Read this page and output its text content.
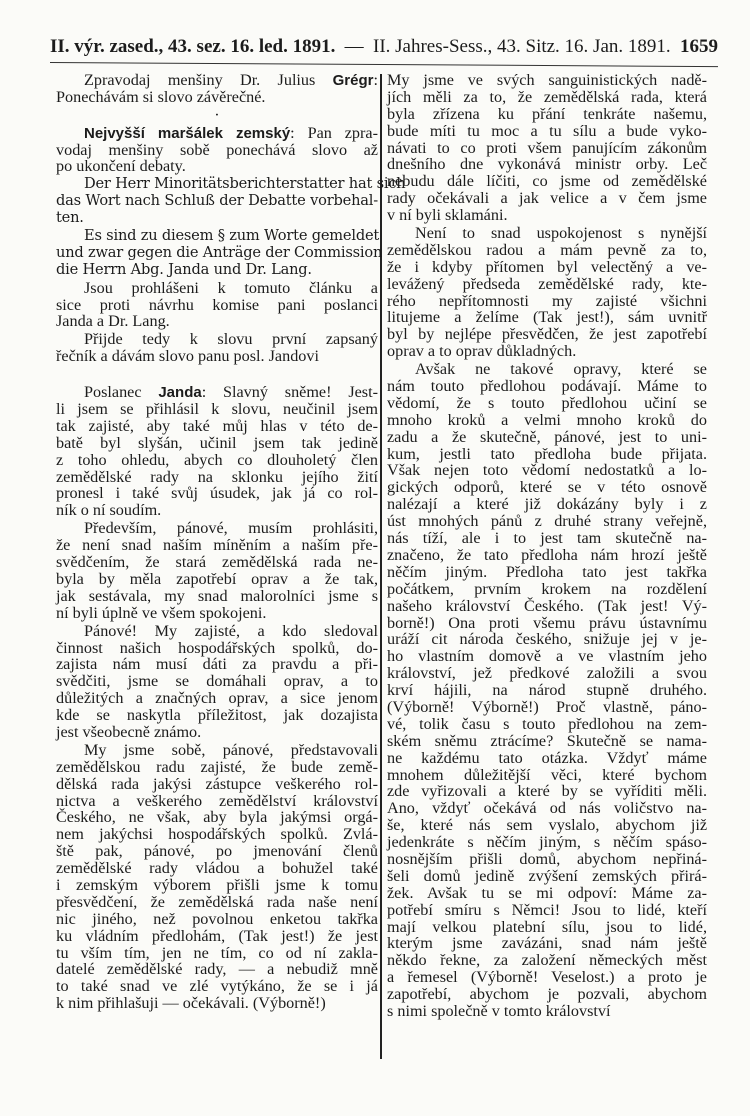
II. výr. zased., 43. sez. 16. led. 1891. — II. Jahres-Sess., 43. Sitz. 16. Jan. 1891. 1659
Zpravodaj menšiny Dr. Julius Grégr:
Ponechávám si slovo závěrečné.
·
Nejvyšší maršálek zemský: Pan zpra-
vodaj menšiny sobě ponechává slovo až
po ukončení debaty.
Der Herr Minoritätsberichterstatter hat sich
das Wort nach Schluß der Debatte vorbehal-
ten.
Es sind zu diesem § zum Worte gemeldet
und zwar gegen die Anträge der Commission
die Herrn Abg. Janda und Dr. Lang.
Jsou prohlášeni k tomuto článku a
sice proti návrhu komise pani poslanci
Janda a Dr. Lang.
Přijde tedy k slovu první zapsaný
řečník a dávám slovo panu posl. Jandovi
Poslanec Janda: Slavný sněme! Jest-
li jsem se přihlásil k slovu, neučinil jsem
tak zajisté, aby také můj hlas v této de-
batě byl slyšán, učinil jsem tak jedině
z toho ohledu, abych co dlouholetý člen
zemědělské rady na sklonku jejího žití
pronesl i také svůj úsudek, jak já co rol-
ník o ní soudím.
Především, pánové, musím prohlásiti,
že není snad naším míněním a naším pře-
svědčením, že stará zemědělská rada ne-
byla by měla zapotřebí oprav a že tak,
jak sestávala, my snad malorolníci jsme s
ní byli úplně ve všem spokojeni.
Pánové! My zajisté, a kdo sledoval
činnost našich hospodářských spolků, do-
zajista nám musí dáti za pravdu a při-
svědčiti, jsme se domáhali oprav, a to
důležitých a značných oprav, a sice jenom
kde se naskytla příležitost, jak dozajista
jest všeobecně známo.
My jsme sobě, pánové, představovali
zemědělskou radu zajisté, že bude země-
dělská rada jakýsi zástupce veškerého rol-
nictva a veškerého zemědělství království
Českého, ne však, aby byla jakýmsi orgá-
nem jakýchsi hospodářských spolků. Zvlá-
ště pak, pánové, po jmenování členů
zemědělské rady vládou a bohužel také
i zemským výborem přišli jsme k tomu
přesvědčení, že zemědělská rada naše není
nic jiného, než povolnou enketou takřka
ku vládním předlohám, (Tak jest!) že jest
tu vším tím, jen ne tím, co od ní zakla-
datelé zemědělské rady, — a nebudiž mně
to také snad ve zlé vytýkáno, že se i já
k nim přihlašuji — očekávali. (Výborně!)
My jsme ve svých sanguinistických nadě-
jích měli za to, že zemědělská rada, která
byla zřízena ku přání tenkráte našemu,
bude míti tu moc a tu sílu a bude vyko-
návati to co proti všem panujícím zákonům
dnešního dne vykonává ministr orby. Leč
nebudu dále líčiti, co jsme od zemědělské
rady očekávali a jak velice a v čem jsme
v ní byli sklamáni.
Není to snad uspokojenost s nynější
zemědělskou radou a mám pevně za to,
že i kdyby přítomen byl velectěný a ve-
levážený předseda zemědělské rady, kte-
rého nepřítomnosti my zajisté všichni
litujeme a želíme (Tak jest!), sám uvnitř
byl by nejlépe přesvědčen, že jest zapotřebí
oprav a to oprav důkladných.
Avšak ne takové opravy, které se
nám touto předlohou podávají. Máme to
vědomí, že s touto předlohou učiní se
mnoho kroků a velmi mnoho kroků do
zadu a že skutečně, pánové, jest to uni-
kum, jestli tato předloha bude přijata.
Však nejen toto vědomí nedostatků a lo-
gických odporů, které se v této osnově
nalézají a které již dokázány byly i z
úst mnohých pánů z druhé strany veřejně,
nás tíží, ale i to jest tam skutečně na-
značeno, že tato předloha nám hrozí ještě
něčím jiným. Předloha tato jest takřka
počátkem, prvním krokem na rozdělení
našeho království Českého. (Tak jest! Vý-
borně!) Ona proti všemu právu ústavnímu
uráží cit národa českého, snižuje jej v je-
ho vlastním domově a ve vlastním jeho
království, jež předkové založili a svou
krví hájili, na národ stupně druhého.
(Výborně! Výborně!) Proč vlastně, páno-
vé, tolik času s touto předlohou na zem-
ském sněmu ztrácíme? Skutečně se nama-
ne každému tato otázka. Vždyť máme
mnohem důležitější věci, které bychom
zde vyřizovali a které by se vyříditi měli.
Ano, vždyť očekává od nás voličstvo na-
še, které nás sem vyslalo, abychom již
jedenkráte s něčím jiným, s něčím spáso-
nosnějším přišli domů, abychom nepřiná-
šeli domů jedině zvýšení zemských přirá-
žek. Avšak tu se mi odpoví: Máme za-
potřebí smíru s Němci! Jsou to lidé, kteří
mají velkou platební sílu, jsou to lidé,
kterým jsme zavázáni, snad nám ještě
někdo řekne, za založení německých měst
a řemesel (Výborně! Veselost.) a proto je
zapotřebí, abychom je pozvali, abychom
s nimi společně v tomto království
